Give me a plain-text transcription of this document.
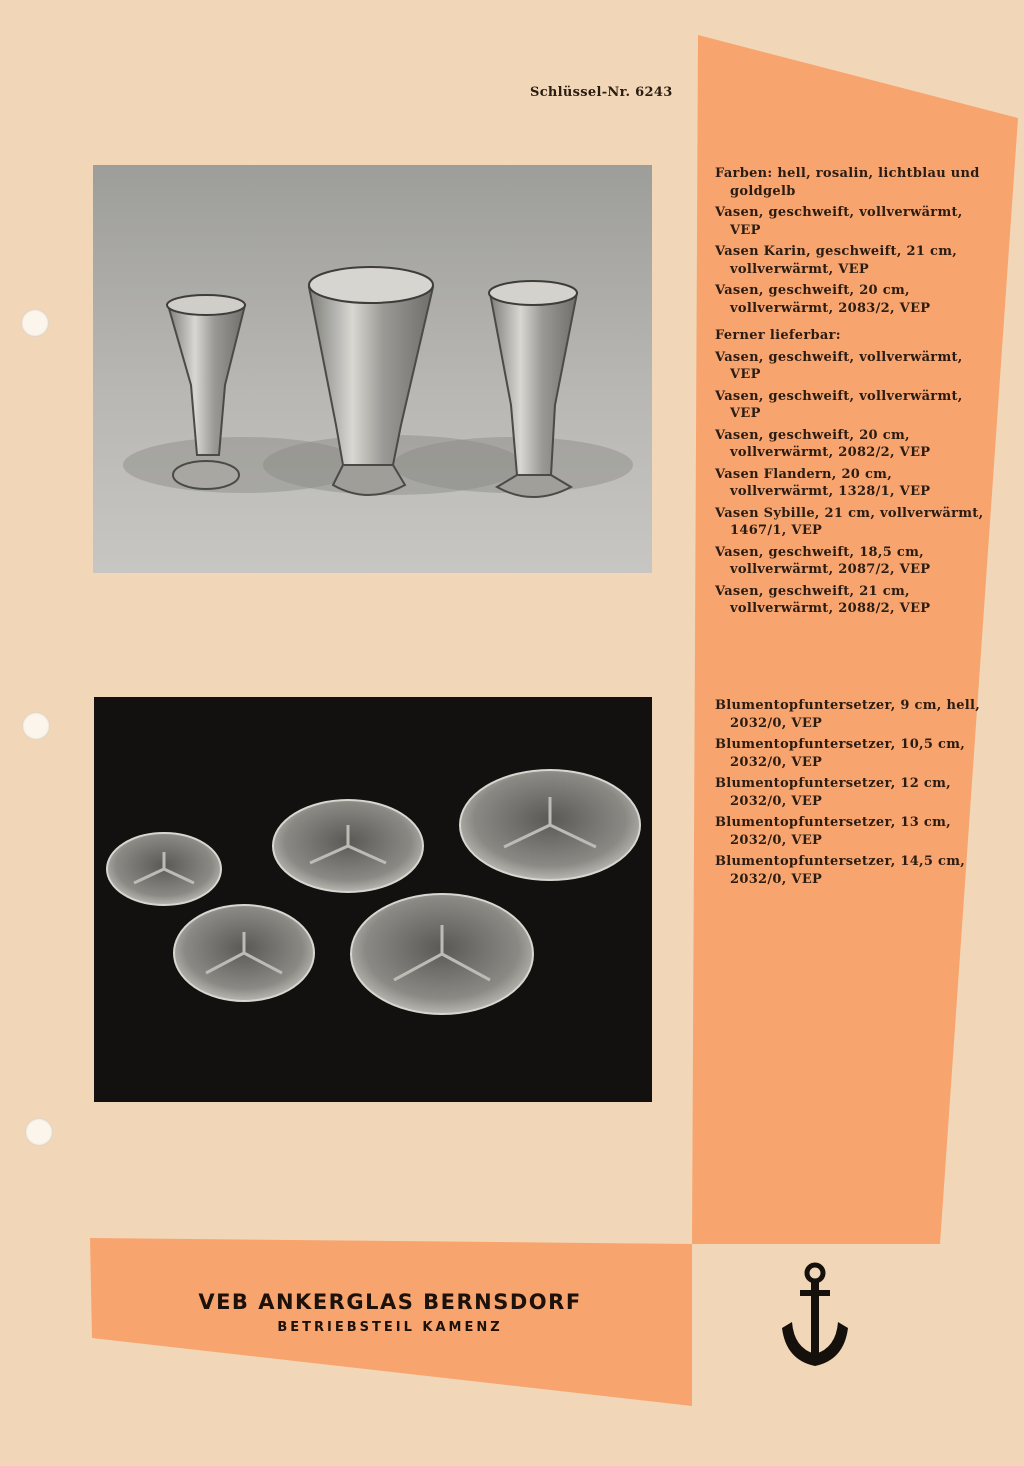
Schlüssel-Nr. 6243

Farben: hell, rosalin, lichtblau und goldgelb

Vasen, geschweift, vollverwärmt, VEP

Vasen Karin, geschweift, 21 cm, vollverwärmt, VEP

Vasen, geschweift, 20 cm, vollverwärmt, 2083/2, VEP

Ferner lieferbar:

Vasen, geschweift, vollverwärmt, VEP

Vasen, geschweift, vollverwärmt, VEP

Vasen, geschweift, 20 cm, vollverwärmt, 2082/2, VEP

Vasen Flandern, 20 cm, vollverwärmt, 1328/1, VEP

Vasen Sybille, 21 cm, vollverwärmt, 1467/1, VEP

Vasen, geschweift, 18,5 cm, vollverwärmt, 2087/2, VEP

Vasen, geschweift, 21 cm, vollverwärmt, 2088/2, VEP

Blumentopfuntersetzer, 9 cm, hell, 2032/0, VEP

Blumentopfuntersetzer, 10,5 cm, 2032/0, VEP

Blumentopfuntersetzer, 12 cm, 2032/0, VEP

Blumentopfuntersetzer, 13 cm, 2032/0, VEP

Blumentopfuntersetzer, 14,5 cm, 2032/0, VEP

VEB ANKERGLAS BERNSDORF
BETRIEBSTEIL KAMENZ
